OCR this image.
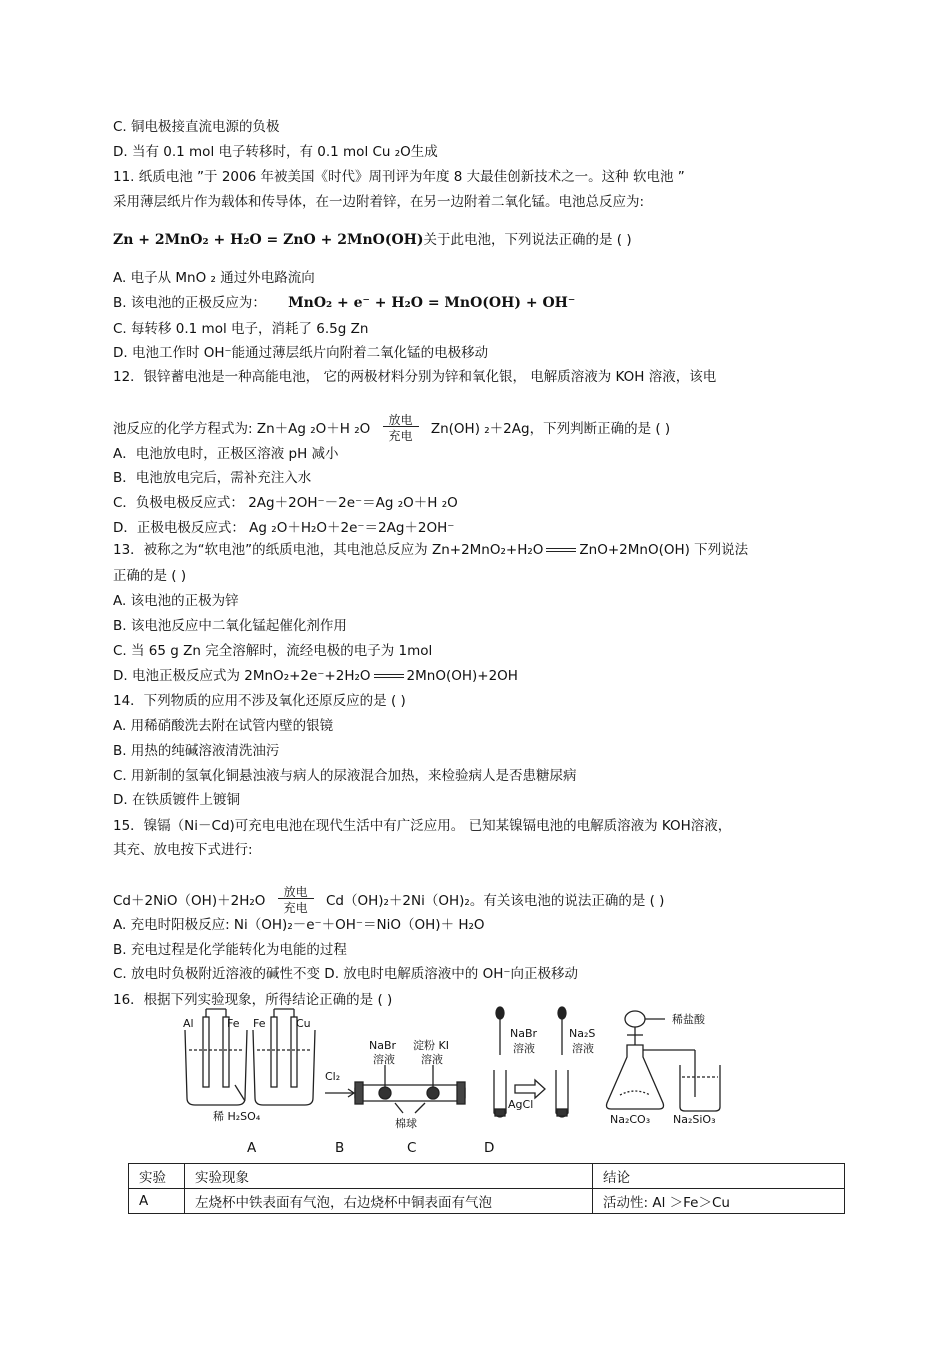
C. 铜电极接直流电源的负极
D. 当有 0.1 mol 电子转移时，有 0.1 mol Cu ₂O生成
11. 纸质电池 ”于 2006 年被美国《时代》周刊评为年度 8 大最佳创新技术之一。这种 软电池 ”
采用薄层纸片作为载体和传导体，在一边附着锌，在另一边附着二氧化锰。电池总反应为:
Zn + 2MnO₂ + H₂O = ZnO + 2MnO(OH)关于此电池，下列说法正确的是 ( )
A. 电子从 MnO ₂ 通过外电路流向
B. 该电池的正极反应为： MnO₂ + e⁻ + H₂O = MnO(OH) + OH⁻
C. 每转移 0.1 mol 电子，消耗了 6.5g Zn
D. 电池工作时 OH⁻能通过薄层纸片向附着二氧化锰的电极移动
12．银锌蓄电池是一种高能电池， 它的两极材料分别为锌和氧化银， 电解质溶液为 KOH 溶液，该电
池反应的化学方程式为: Zn＋Ag ₂O＋H ₂O
放电
充电	Zn(OH) ₂＋2Ag，下列判断正确的是 ( )
A．电池放电时，正极区溶液 pH 减小
B．电池放电完后，需补充注入水
C．负极电极反应式： 2Ag＋2OH⁻－2e⁻＝Ag ₂O＋H ₂O
D．正极电极反应式： Ag ₂O＋H₂O＋2e⁻＝2Ag＋2OH⁻
13．被称之为“软电池”的纸质电池，其电池总反应为 Zn+2MnO₂+H₂O	ZnO+2MnO(OH) 下列说法
正确的是 ( )
A. 该电池的正极为锌
B. 该电池反应中二氧化锰起催化剂作用
C. 当 65 g Zn 完全溶解时，流经电极的电子为 1mol
D. 电池正极反应式为 2MnO₂+2e⁻+2H₂O	2MnO(OH)+2OH
14．下列物质的应用不涉及氧化还原反应的是 ( )
A. 用稀硝酸洗去附在试管内壁的银镜
B. 用热的纯碱溶液清洗油污
C. 用新制的氢氧化铜悬浊液与病人的尿液混合加热，来检验病人是否患糖尿病
D. 在铁质镀件上镀铜
15．镍镉（Ni－Cd)可充电电池在现代生活中有广泛应用。 已知某镍镉电池的电解质溶液为 KOH溶液，
其充、放电按下式进行:
Cd＋2NiO（OH)＋2H₂O
放电
充电	Cd（OH)₂＋2Ni（OH)₂。有关该电池的说法正确的是 ( )
A. 充电时阳极反应: Ni（OH)₂－e⁻＋OH⁻＝NiO（OH)＋ H₂O
B. 充电过程是化学能转化为电能的过程
C. 放电时负极附近溶液的碱性不变 D. 放电时电解质溶液中的 OH⁻向正极移动
16．根据下列实验现象，所得结论正确的是 ( )
Al	Fe Fe	Cu
稀 H₂SO₄
Cl₂
NaBr
溶液
淀粉 KI
溶液
棉球
NaBr
溶液
Na₂S
溶液
AgCl
稀盐酸
Na₂CO₃ Na₂SiO₃
A	B	C	D
实验	实验现象	结论
A	左烧杯中铁表面有气泡，右边烧杯中铜表面有气泡	活动性: Al ＞Fe＞Cu
